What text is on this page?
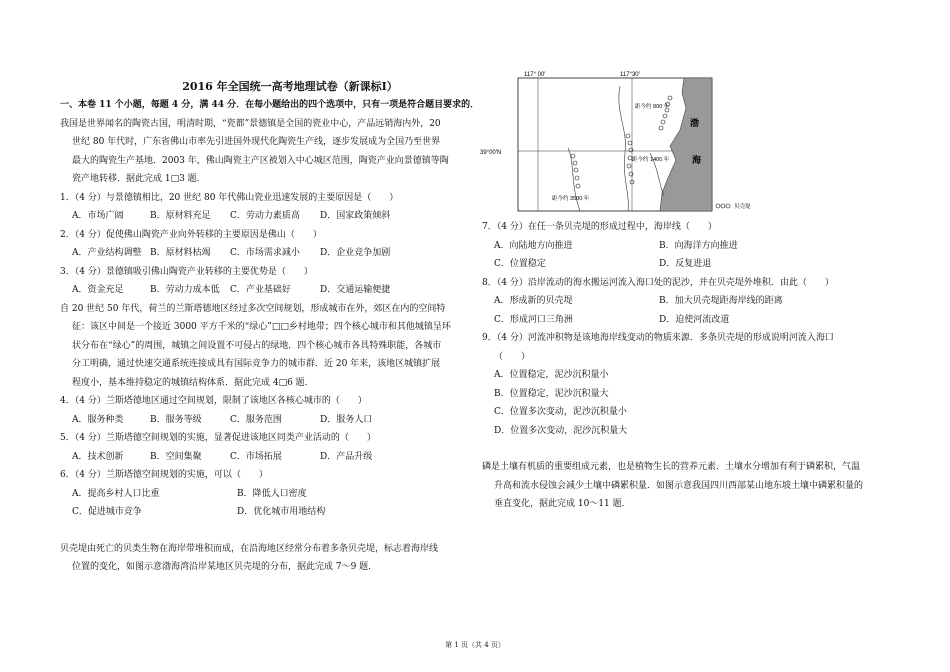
2016 年全国统一高考地理试卷（新课标Ⅰ）
一、本卷 11 个小题，每题 4 分，满 44 分．在每小题给出的四个选项中，只有一项是符合题目要求的．
我国是世界闻名的陶瓷古国，明清时期，“瓷都”景德镇是全国的瓷业中心，产品远销海内外，20
世纪 80 年代时，广东省佛山市率先引进国外现代化陶瓷生产线，逐步发展成为全国乃至世界
最大的陶瓷生产基地．2003 年，佛山陶瓷主产区被划入中心城区范围，陶瓷产业向景德镇等陶
瓷产地转移．据此完成 1□3 题．
1．（4 分）与景德镇相比，20 世纪 80 年代佛山瓷业迅速发展的主要原因是（　　）
A．市场广阔	B．原材料充足	C．劳动力素质高	D．国家政策倾斜
2．（4 分）促使佛山陶瓷产业向外转移的主要原因是佛山（　　）
A．产业结构调整 B．原材料枯竭	C．市场需求减小	D．企业竞争加剧
3．（4 分）景德镇吸引佛山陶瓷产业转移的主要优势是（　　）
A．资金充足	B．劳动力成本低	C．产业基础好	D．交通运输便捷
自 20 世纪 50 年代，荷兰的兰斯塔德地区经过多次空间规划，形成城市在外，郊区在内的空间特
征：该区中间是一个接近 3000 平方千米的“绿心”□□乡村地带；四个核心城市和其他城镇呈环
状分布在“绿心”的周围，城镇之间设置不可侵占的绿地．四个核心城市各具特殊职能，各城市
分工明确，通过快速交通系统连接成具有国际竞争力的城市群．近 20 年来，该地区城镇扩展
程度小，基本维持稳定的城镇结构体系．据此完成 4□6 题．
4．（4 分）兰斯塔德地区通过空间规划，限制了该地区各核心城市的（　　）
A．服务种类	B．服务等级	C．服务范围	D．服务人口
5．（4 分）兰斯塔德空间规划的实施，显著促进该地区同类产业活动的（　　）
A．技术创新	B．空间集聚	C．市场拓展	D．产品升级
6．（4 分）兰斯塔德空间规划的实施，可以（　　）
A．提高乡村人口比重	B．降低人口密度
C．促进城市竞争	D．优化城市用地结构
贝壳堤由死亡的贝类生物在海岸带堆积而成，在沿海地区经常分布着多条贝壳堤，标志着海岸线
位置的变化，如图示意渤海湾沿岸某地区贝壳堤的分布，据此完成 7～9 题．
117° 00′	117°30′
39°00′N
距今约 800 年
距今约 1400 年
距今约 3500 年
渤
海
贝壳堤
7．（4 分）在任一条贝壳堤的形成过程中，海岸线（　　）
A．向陆地方向推进	B．向海洋方向推进
C．位置稳定	D．反复进退
8．（4 分）沿岸流动的海水搬运河流入海口处的泥沙，并在贝壳堤外堆积．由此（　　）
A．形成新的贝壳堤	B．加大贝壳堤距海岸线的距离
C．形成河口三角洲	D．迫使河流改道
9．（4 分）河流冲积物是该地海岸线变动的物质来源．多条贝壳堤的形成说明河流入海口
（　　）
A．位置稳定，泥沙沉积量小
B．位置稳定，泥沙沉积量大
C．位置多次变动，泥沙沉积量小
D．位置多次变动，泥沙沉积量大
磷是土壤有机质的重要组成元素，也是植物生长的营养元素．土壤水分增加有利于磷累积，气温
升高和流水侵蚀会减少土壤中磷累积量．如图示意我国四川西部某山地东坡土壤中磷累积量的
垂直变化，据此完成 10～11 题．
第 1 页（共 4 页）
